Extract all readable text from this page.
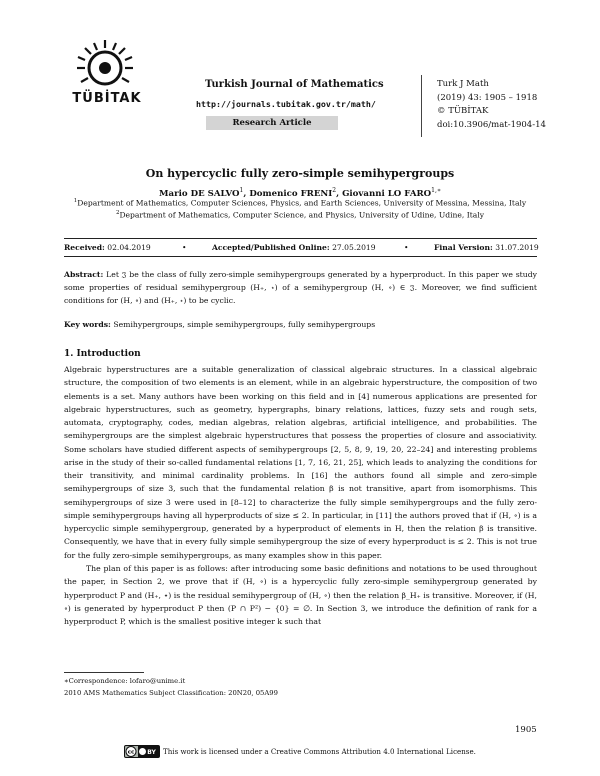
TÜBİTAK
Turkish Journal of Mathematics
http://journals.tubitak.gov.tr/math/
Research Article
Turk J Math
(2019) 43: 1905 – 1918
© TÜBİTAK
doi:10.3906/mat-1904-14
On hypercyclic fully zero-simple semihypergroups
Mario DE SALVO$^1$, Domenico FRENI$^2$, Giovanni LO $FARO^{1,∗}$
$^1$Department of Mathematics, Computer Sciences, Physics, and Earth Sciences, University of Messina, Messina, Italy
$^2$Department of Mathematics, Computer Science, and Physics, University of Udine, Udine, Italy
Received: 02.04.2019	•	Accepted/Published Online: 27.05.2019	•	Final Version: 31.07.2019
Abstract: Let 𝔍 be the class of fully zero-simple semihypergroups generated by a hyperproduct. In this paper we study some properties of residual semihypergroup (H₊, ⋆) of a semihypergroup (H, ∘) ∈ 𝔍. Moreover, we find sufficient conditions for (H, ∘) and (H₊, ⋆) to be cyclic.
Key words: Semihypergroups, simple semihypergroups, fully semihypergroups
1. Introduction

Algebraic hyperstructures are a suitable generalization of classical algebraic structures. In a classical algebraic structure, the composition of two elements is an element, while in an algebraic hyperstructure, the composition of two elements is a set. Many authors have been working on this field and in [4] numerous applications are presented for algebraic hyperstructures, such as geometry, hypergraphs, binary relations, lattices, fuzzy sets and rough sets, automata, cryptography, codes, median algebras, relation algebras, artificial intelligence, and probabilities. The semihypergroups are the simplest algebraic hyperstructures that possess the properties of closure and associativity. Some scholars have studied different aspects of semihypergroups [2, 5, 8, 9, 19, 20, 22–24] and interesting problems arise in the study of their so-called fundamental relations [1, 7, 16, 21, 25], which leads to analyzing the conditions for their transitivity, and minimal cardinality problems. In [16] the authors found all simple and zero-simple semihypergroups of size 3, such that the fundamental relation β is not transitive, apart from isomorphisms. This semihypergroups of size 3 were used in [8–12] to characterize the fully simple semihypergroups and the fully zero-simple semihypergroups having all hyperproducts of size ≤ 2. In particular, in [11] the authors proved that if (H, ∘) is a hypercyclic simple semihypergroup, generated by a hyperproduct of elements in H, then the relation β is transitive. Consequently, we have that in every fully simple semihypergroup the size of every hyperproduct is ≤ 2. This is not true for the fully zero-simple semihypergroups, as many examples show in this paper.

The plan of this paper is as follows: after introducing some basic definitions and notations to be used throughout the paper, in Section 2, we prove that if (H, ∘) is a hypercyclic fully zero-simple semihypergroup generated by hyperproduct P and (H₊, ⋆) is the residual semihypergroup of (H, ∘) then the relation β_H₊ is transitive. Moreover, if (H, ∘) is generated by hyperproduct P then (P ∩ P²) − {0} = ∅. In Section 3, we introduce the definition of rank for a hyperproduct P, which is the smallest positive integer k such that

∗Correspondence: lofaro@unime.it
2010 AMS Mathematics Subject Classification: 20N20, 05A99
1905
cc BY This work is licensed under a Creative Commons Attribution 4.0 International License.
